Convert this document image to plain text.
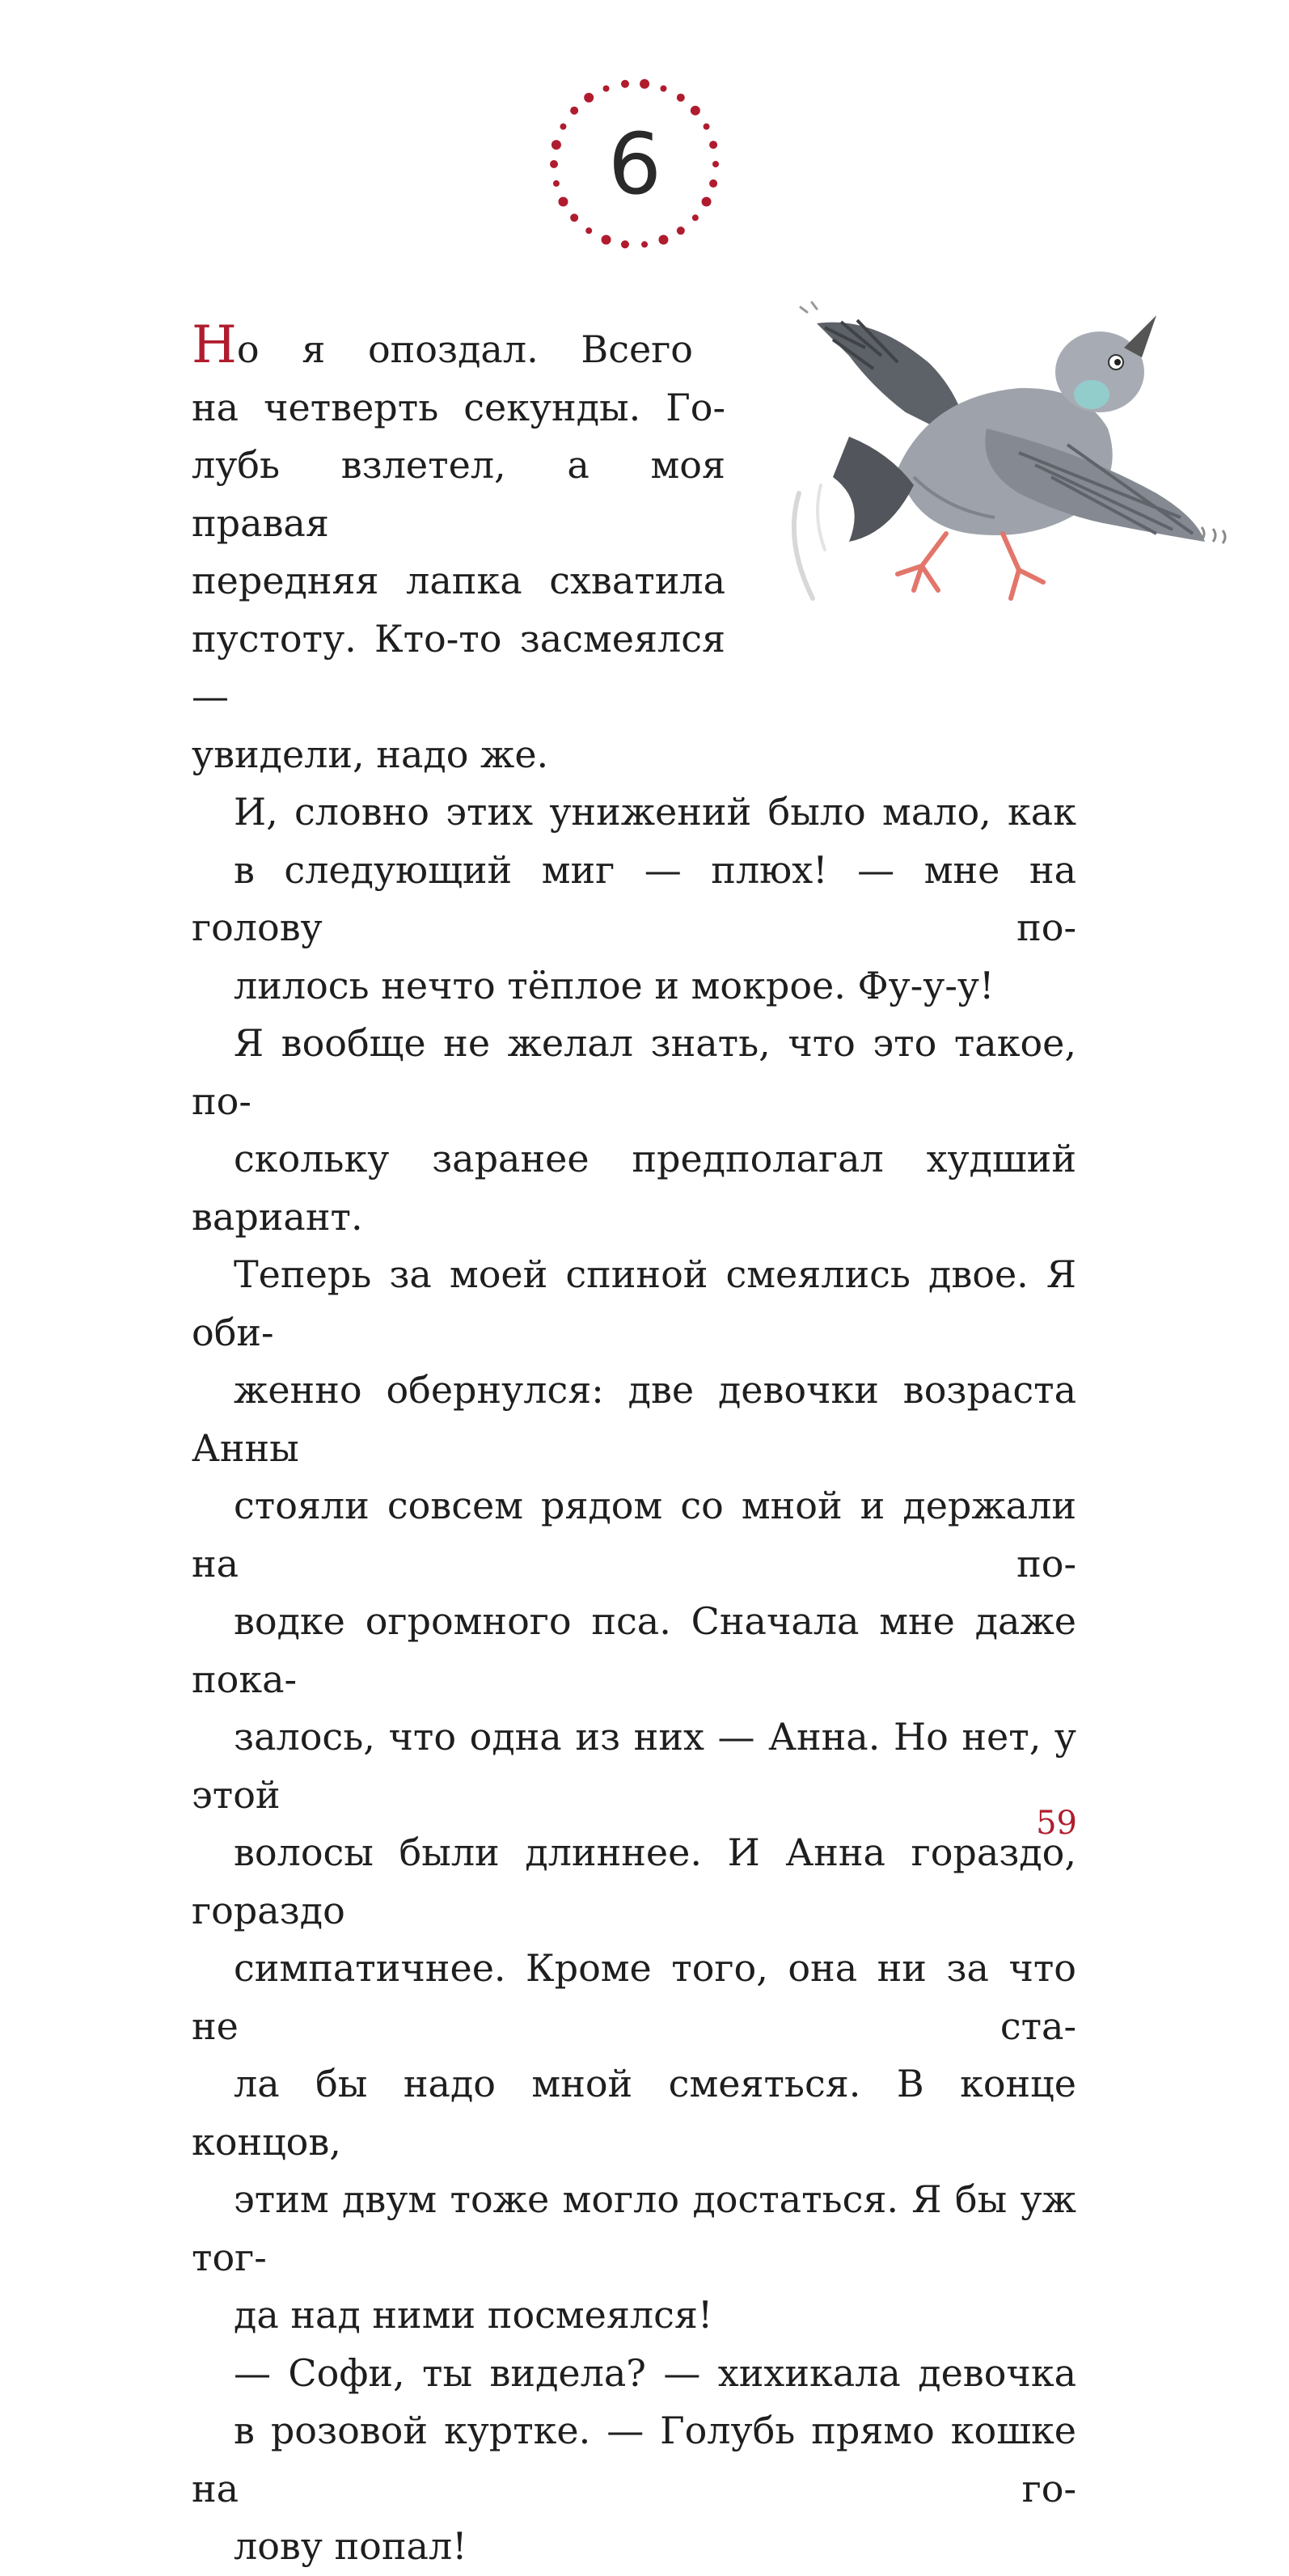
6
Но я опоздал. Всего
на четверть секунды. Го-
лубь взлетел, а моя правая
передняя лапка схватила
пустоту. Кто-то засмеялся —
увидели, надо же.
И, словно этих унижений было мало, как
в следующий миг — плюх! — мне на голову по-
лилось нечто тёплое и мокрое. Фу-у-у!
Я вообще не желал знать, что это такое, по-
скольку заранее предполагал худший вариант.
Теперь за моей спиной смеялись двое. Я оби-
женно обернулся: две девочки возраста Анны
стояли совсем рядом со мной и держали на по-
водке огромного пса. Сначала мне даже пока-
залось, что одна из них — Анна. Но нет, у этой
волосы были длиннее. И Анна гораздо, гораздо
симпатичнее. Кроме того, она ни за что не ста-
ла бы надо мной смеяться. В конце концов,
этим двум тоже могло достаться. Я бы уж тог-
да над ними посмеялся!
— Софи, ты видела? — хихикала девочка
в розовой куртке. — Голубь прямо кошке на го-
лову попал!
59
